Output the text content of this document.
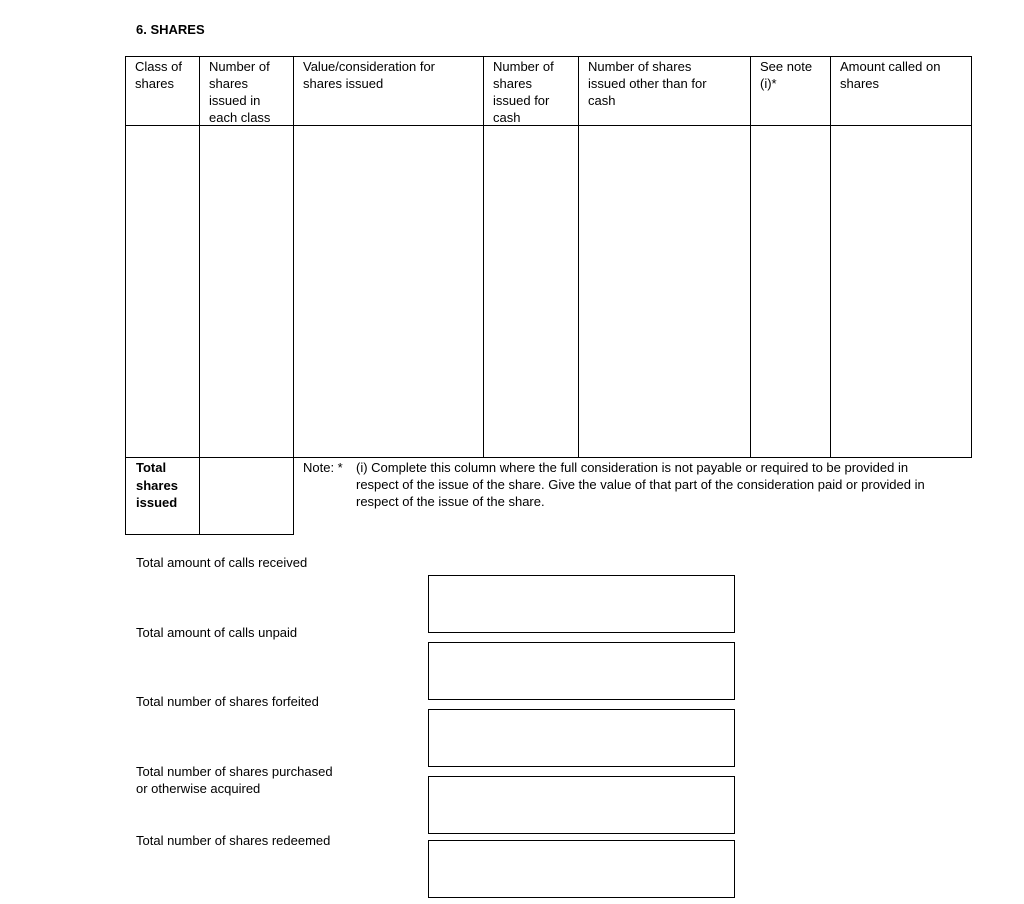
6. SHARES
Class of
shares
Number of
shares
issued in
each class
Value/consideration for
shares issued
Number of
shares
issued for
cash
Number of shares
issued other than for
cash
See note
(i)*
Amount called on
shares
Total
shares
issued
Note: * (i) Complete this column where the full consideration is not payable or required to be provided in respect of the issue of the share. Give the value of that part of the consideration paid or provided in respect of the issue of the share.
Total amount of calls received
Total amount of calls unpaid
Total number of shares forfeited
Total number of shares purchased
or otherwise acquired
Total number of shares redeemed
